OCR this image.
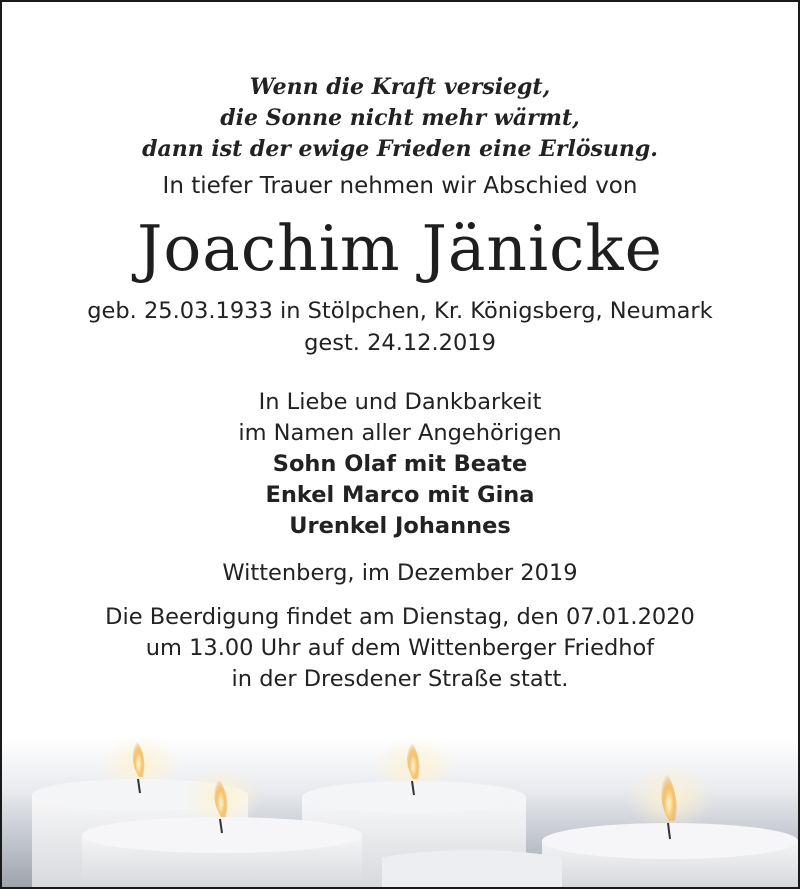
Wenn die Kraft versiegt,
die Sonne nicht mehr wärmt,
dann ist der ewige Frieden eine Erlösung.
In tiefer Trauer nehmen wir Abschied von
Joachim Jänicke
geb. 25.03.1933 in Stölpchen, Kr. Königsberg, Neumark
gest. 24.12.2019
In Liebe und Dankbarkeit
im Namen aller Angehörigen
Sohn Olaf mit Beate
Enkel Marco mit Gina
Urenkel Johannes
Wittenberg, im Dezember 2019
Die Beerdigung findet am Dienstag, den 07.01.2020
um 13.00 Uhr auf dem Wittenberger Friedhof
in der Dresdener Straße statt.
